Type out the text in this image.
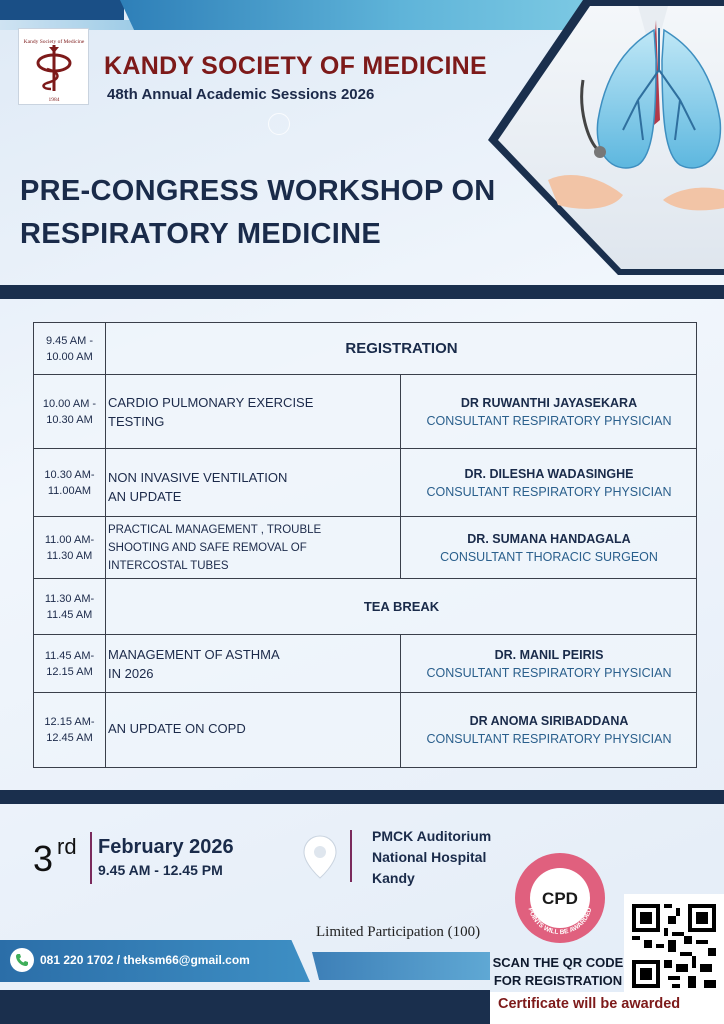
Kandy Society of Medicine
1984
KANDY SOCIETY OF MEDICINE
48th Annual Academic Sessions 2026
PRE-CONGRESS WORKSHOP ON
RESPIRATORY MEDICINE
9.45 AM -
10.00 AM	REGISTRATION
10.00 AM -
10.30 AM
CARDIO PULMONARY EXERCISE
TESTING
DR RUWANTHI JAYASEKARA
CONSULTANT RESPIRATORY PHYSICIAN
10.30 AM-
11.00AM
NON INVASIVE VENTILATION
AN UPDATE
DR. DILESHA WADASINGHE
CONSULTANT RESPIRATORY PHYSICIAN
11.00 AM-
11.30 AM
PRACTICAL MANAGEMENT , TROUBLE
SHOOTING AND SAFE REMOVAL OF
INTERCOSTAL TUBES
DR. SUMANA HANDAGALA
CONSULTANT THORACIC SURGEON
11.30 AM-
11.45 AM
TEA BREAK
11.45 AM-
12.15 AM
MANAGEMENT OF ASTHMA
IN 2026
DR. MANIL PEIRIS
CONSULTANT RESPIRATORY PHYSICIAN
12.15 AM-
12.45 AM
AN UPDATE ON COPD	DR ANOMA SIRIBADDANA
CONSULTANT RESPIRATORY PHYSICIAN
3 rd February 2026
9.45 AM - 12.45 PM
PMCK Auditorium
National Hospital
Kandy
Limited Participation (100)
081 220 1702 / theksm66@gmail.com
CPD
POINTS WILL BE AWARDED
SCAN THE QR CODE FOR REGISTRATION
Certificate will be awarded
